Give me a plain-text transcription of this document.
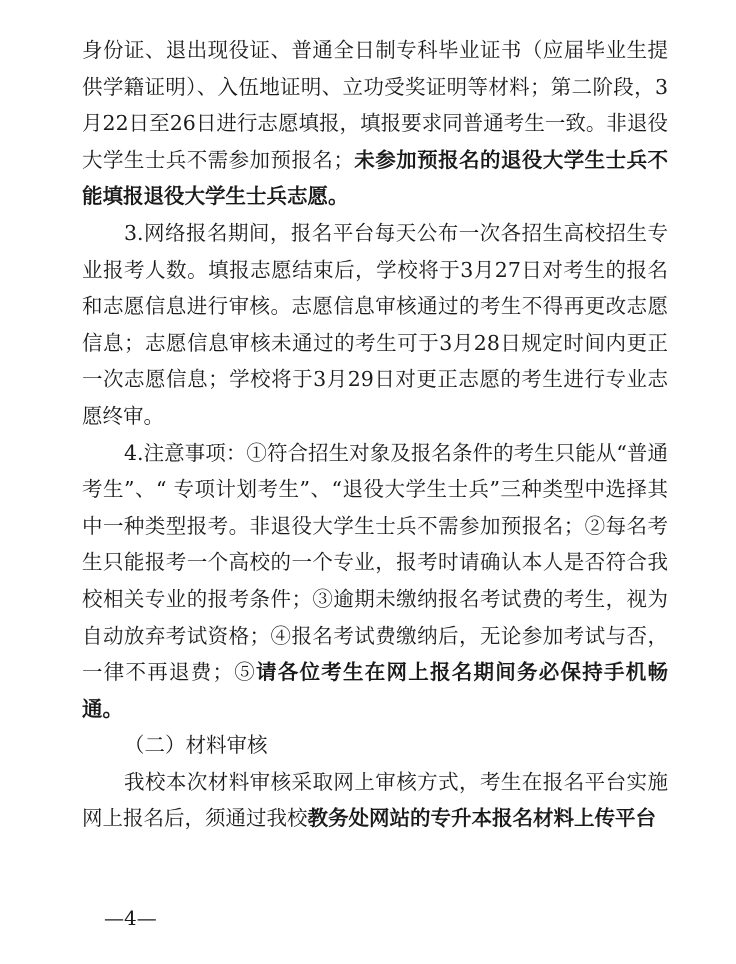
身份证、退出现役证、普通全日制专科毕业证书（应届毕业生提供学籍证明）、入伍地证明、立功受奖证明等材料；第二阶段，3月22日至26日进行志愿填报，填报要求同普通考生一致。非退役大学生士兵不需参加预报名；未参加预报名的退役大学生士兵不能填报退役大学生士兵志愿。

3.网络报名期间，报名平台每天公布一次各招生高校招生专业报考人数。填报志愿结束后，学校将于3月27日对考生的报名和志愿信息进行审核。志愿信息审核通过的考生不得再更改志愿信息；志愿信息审核未通过的考生可于3月28日规定时间内更正一次志愿信息；学校将于3月29日对更正志愿的考生进行专业志愿终审。

4.注意事项：①符合招生对象及报名条件的考生只能从“普通考生”、“ 专项计划考生”、“退役大学生士兵”三种类型中选择其中一种类型报考。非退役大学生士兵不需参加预报名；②每名考生只能报考一个高校的一个专业，报考时请确认本人是否符合我校相关专业的报考条件；③逾期未缴纳报名考试费的考生，视为自动放弃考试资格；④报名考试费缴纳后，无论参加考试与否，一律不再退费；⑤请各位考生在网上报名期间务必保持手机畅通。

（二）材料审核

我校本次材料审核采取网上审核方式，考生在报名平台实施网上报名后，须通过我校教务处网站的专升本报名材料上传平台

—4—
